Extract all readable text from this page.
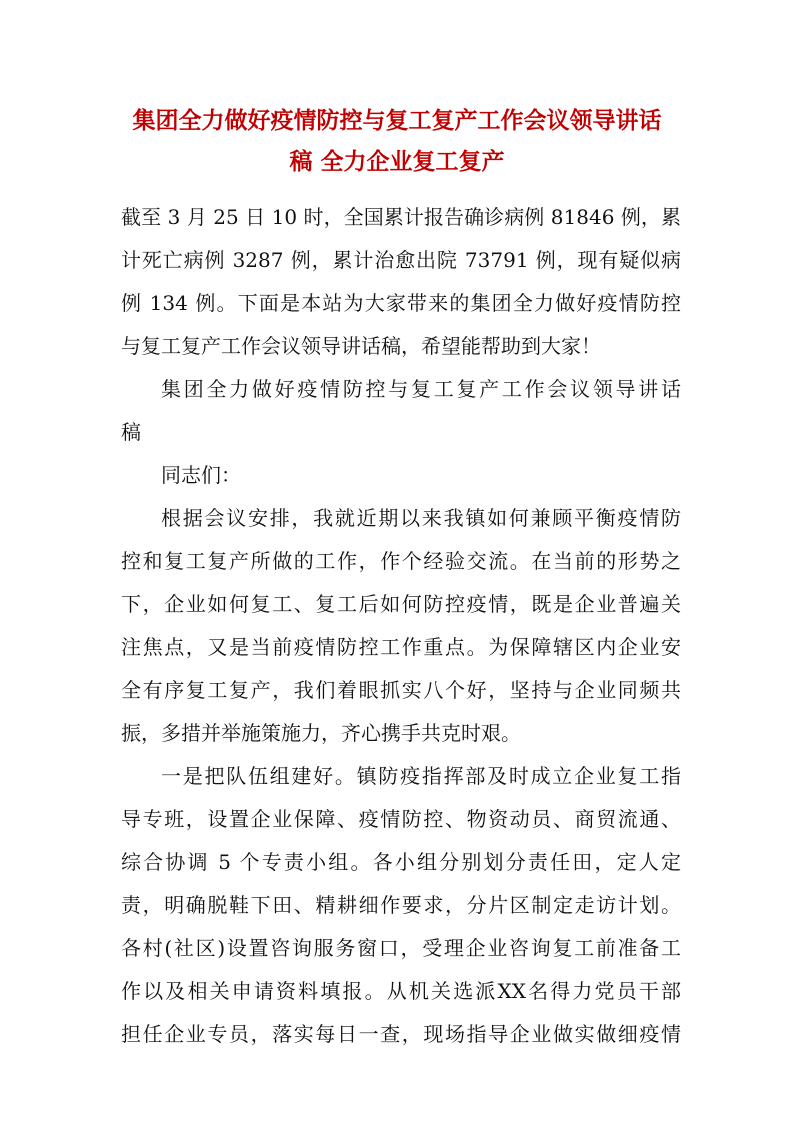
集团全力做好疫情防控与复工复产工作会议领导讲话
稿 全力企业复工复产
截至 3 月 25 日 10 时，全国累计报告确诊病例 81846 例，累
计死亡病例 3287 例，累计治愈出院 73791 例，现有疑似病
例 134 例。下面是本站为大家带来的集团全力做好疫情防控
与复工复产工作会议领导讲话稿，希望能帮助到大家！
集团全力做好疫情防控与复工复产工作会议领导讲话
稿
同志们：
根据会议安排，我就近期以来我镇如何兼顾平衡疫情防
控和复工复产所做的工作，作个经验交流。在当前的形势之
下，企业如何复工、复工后如何防控疫情，既是企业普遍关
注焦点，又是当前疫情防控工作重点。为保障辖区内企业安
全有序复工复产，我们着眼抓实八个好，坚持与企业同频共
振，多措并举施策施力，齐心携手共克时艰。
一是把队伍组建好。镇防疫指挥部及时成立企业复工指
导专班，设置企业保障、疫情防控、物资动员、商贸流通、
综合协调 5 个专责小组。各小组分别划分责任田，定人定
责，明确脱鞋下田、精耕细作要求，分片区制定走访计划。
各村(社区)设置咨询服务窗口，受理企业咨询复工前准备工
作以及相关申请资料填报。从机关选派XX名得力党员干部
担任企业专员，落实每日一查，现场指导企业做实做细疫情
